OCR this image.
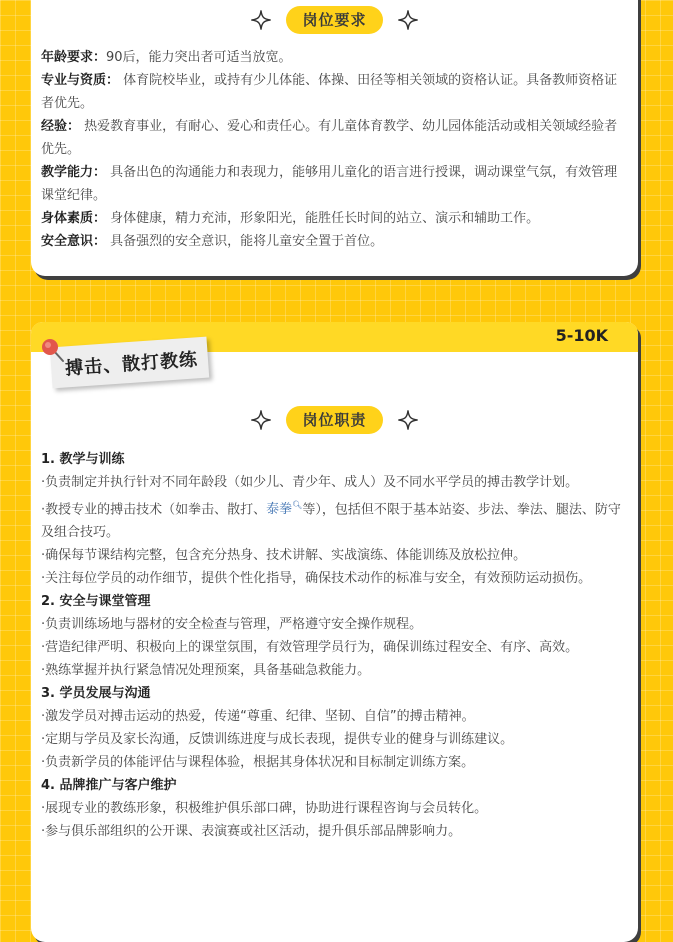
岗位要求

年龄要求：90后，能力突出者可适当放宽。

专业与资质： 体育院校毕业，或持有少儿体能、体操、田径等相关领域的资格认证。具备教师资格证者优先。

经验： 热爱教育事业，有耐心、爱心和责任心。有儿童体育教学、幼儿园体能活动或相关领域经验者优先。

教学能力： 具备出色的沟通能力和表现力，能够用儿童化的语言进行授课，调动课堂气氛，有效管理课堂纪律。

身体素质： 身体健康，精力充沛，形象阳光，能胜任长时间的站立、演示和辅助工作。

安全意识： 具备强烈的安全意识，能将儿童安全置于首位。

5-10K
搏击、散打教练
岗位职责

1. 教学与训练

·负责制定并执行针对不同年龄段（如少儿、青少年、成人）及不同水平学员的搏击教学计划。

·教授专业的搏击技术（如拳击、散打、泰拳🔍︎等），包括但不限于基本站姿、步法、拳法、腿法、防守及组合技巧。

·确保每节课结构完整，包含充分热身、技术讲解、实战演练、体能训练及放松拉伸。

·关注每位学员的动作细节，提供个性化指导，确保技术动作的标准与安全，有效预防运动损伤。

2. 安全与课堂管理

·负责训练场地与器材的安全检查与管理，严格遵守安全操作规程。

·营造纪律严明、积极向上的课堂氛围，有效管理学员行为，确保训练过程安全、有序、高效。

·熟练掌握并执行紧急情况处理预案，具备基础急救能力。

3. 学员发展与沟通

·激发学员对搏击运动的热爱，传递“尊重、纪律、坚韧、自信”的搏击精神。

·定期与学员及家长沟通，反馈训练进度与成长表现，提供专业的健身与训练建议。

·负责新学员的体能评估与课程体验，根据其身体状况和目标制定训练方案。

4. 品牌推广与客户维护

·展现专业的教练形象，积极维护俱乐部口碑，协助进行课程咨询与会员转化。

·参与俱乐部组织的公开课、表演赛或社区活动，提升俱乐部品牌影响力。
